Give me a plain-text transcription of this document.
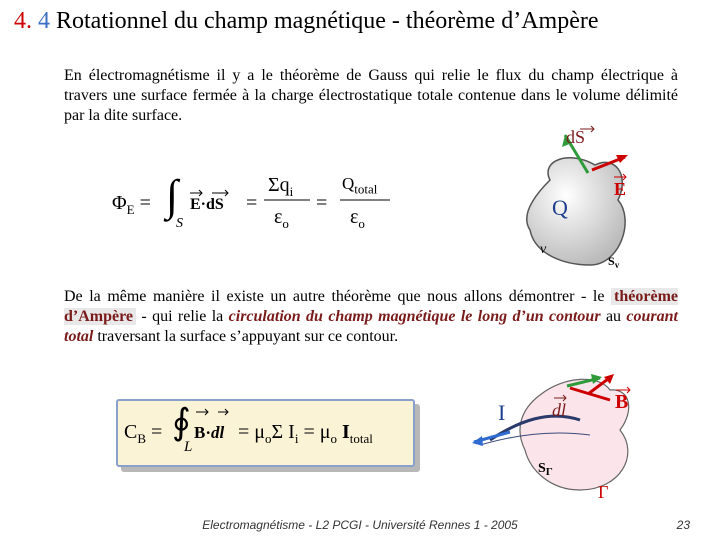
4. 4 Rotationnel du champ magnétique - théorème d’Ampère
En électromagnétisme il y a le théorème de Gauss qui relie le flux du champ électrique à travers une surface fermée à la charge électrostatique totale contenue dans le volume délimité par la dite surface.
$\Phi_E$ = ∫
S
E·dS =
$\Sigma q_i$
$\varepsilon_o$
=
$Q_{total}$
$\varepsilon_o$
dS
E
Q
v
$S_v$
De la même manière il existe un autre théorème que nous allons démontrer - le théorème d’Ampère - qui relie la circulation du champ magnétique le long d’un contour au courant total traversant la surface s’appuyant sur ce contour.
$C_B$ = ∮
L
$B\cdot dl = \mu_o\Sigma$ $I_i = \mu_o$ $I_{total}$
I	dl B
$S_\Gamma$
Γ
Electromagnétisme - L2 PCGI - Université Rennes 1 - 2005	23
